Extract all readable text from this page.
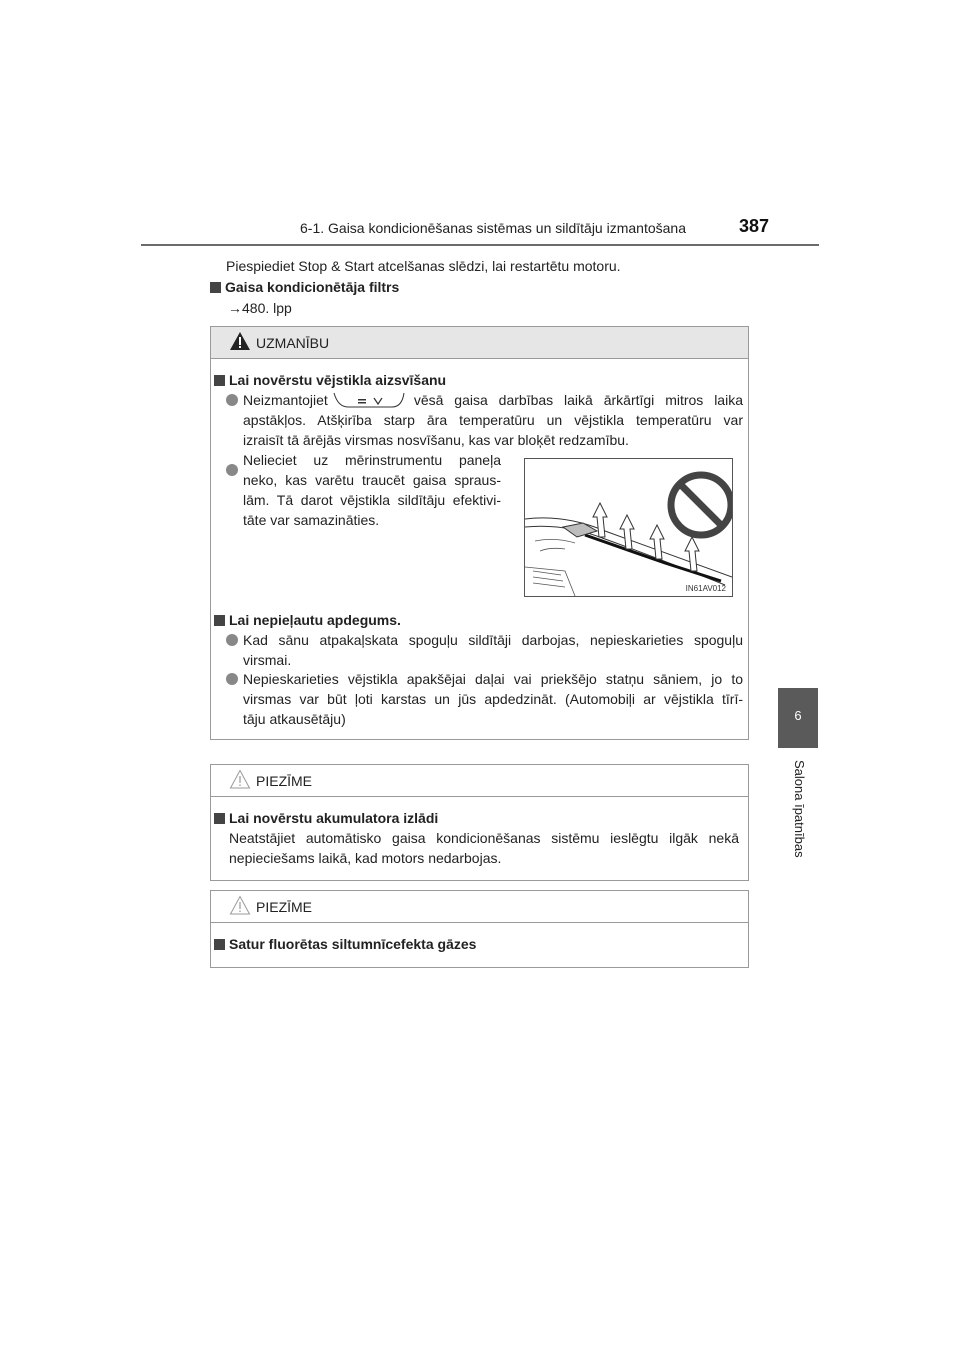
6-1. Gaisa kondicionēšanas sistēmas un sildītāju izmantošana	387
6
Salona īpatnības
Piespiediet Stop & Start atcelšanas slēdzi, lai restartētu motoru.
Gaisa kondicionētāja filtrs
→480. lpp
UZMANĪBU
Lai novērstu vējstikla aizsvīšanu
Neizmantojiet	vēsā gaisa darbības laikā ārkārtīgi mitros laika
apstākļos. Atšķirība starp āra temperatūru un vējstikla temperatūru var
izraisīt tā ārējās virsmas nosvīšanu, kas var bloķēt redzamību.
Nelieciet uz mērinstrumentu paneļa
neko, kas varētu traucēt gaisa sprаus-
lām. Tā darot vējstikla sildītāju efektivi-
tāte var samazināties.
IN61AV012
Lai nepieļautu apdegums.
Kad sānu atpakaļskata spoguļu sildītāji darbojas, nepieskarieties spoguļu
virsmai.
Nepieskarieties vējstikla apakšējai daļai vai priekšējo statņu sāniem, jo to
virsmas var būt ļoti karstas un jūs apdedzināt. (Automobiļi ar vējstikla tīrī-
tāju atkausētāju)
PIEZĪME
Lai novērstu akumulatora izlādi
Neatstājiet automātisko gaisa kondicionēšanas sistēmu ieslēgtu ilgāk nekā
nepieciešams laikā, kad motors nedarbojas.
PIEZĪME
Satur fluorētas siltumnīcefekta gāzes
